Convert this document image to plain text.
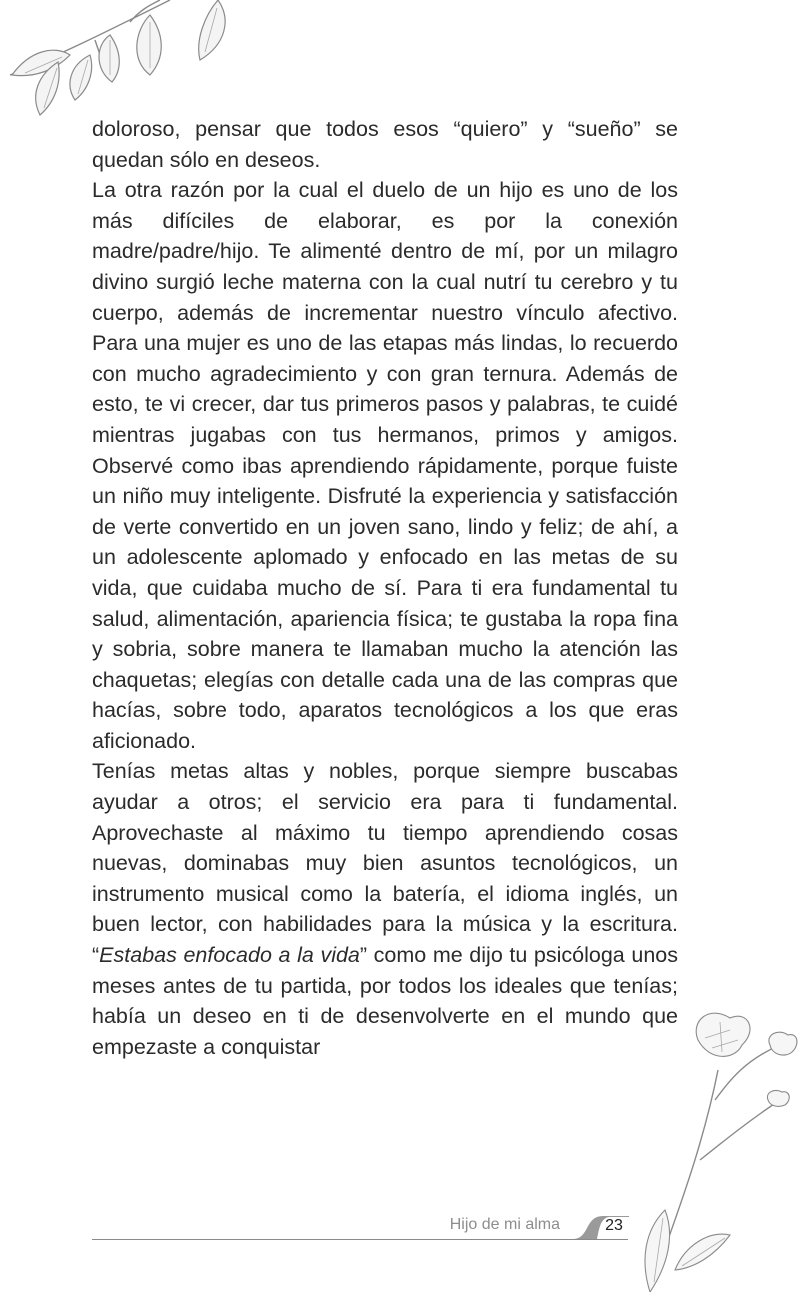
doloroso, pensar que todos esos “quiero” y “sueño” se quedan sólo en deseos.

La otra razón por la cual el duelo de un hijo es uno de los más difíciles de elaborar, es por la conexión madre/padre/hijo. Te alimenté dentro de mí, por un milagro divino surgió leche materna con la cual nutrí tu cerebro y tu cuerpo, además de incrementar nuestro vínculo afectivo. Para una mujer es uno de las etapas más lindas, lo recuerdo con mucho agradecimiento y con gran ternura. Además de esto, te vi crecer, dar tus primeros pasos y palabras, te cuidé mientras jugabas con tus hermanos, primos y amigos. Observé como ibas aprendiendo rápidamente, porque fuiste un niño muy inteligente. Disfruté la experiencia y satisfacción de verte convertido en un joven sano, lindo y feliz; de ahí, a un adolescente aplomado y enfocado en las metas de su vida, que cuidaba mucho de sí. Para ti era fundamental tu salud, alimentación, apariencia física; te gustaba la ropa fina y sobria, sobre manera te llamaban mucho la atención las chaquetas; elegías con detalle cada una de las compras que hacías, sobre todo, aparatos tecnológicos a los que eras aficionado.

Tenías metas altas y nobles, porque siempre buscabas ayudar a otros; el servicio era para ti fundamental. Aprovechaste al máximo tu tiempo aprendiendo cosas nuevas, dominabas muy bien asuntos tecnológicos, un instrumento musical como la batería, el idioma inglés, un buen lector, con habilidades para la música y la escritura. “Estabas enfocado a la vida” como me dijo tu psicóloga unos meses antes de tu partida, por todos los ideales que tenías; había un deseo en ti de desenvolverte en el mundo que empezaste a conquistar

Hijo de mi alma	23
